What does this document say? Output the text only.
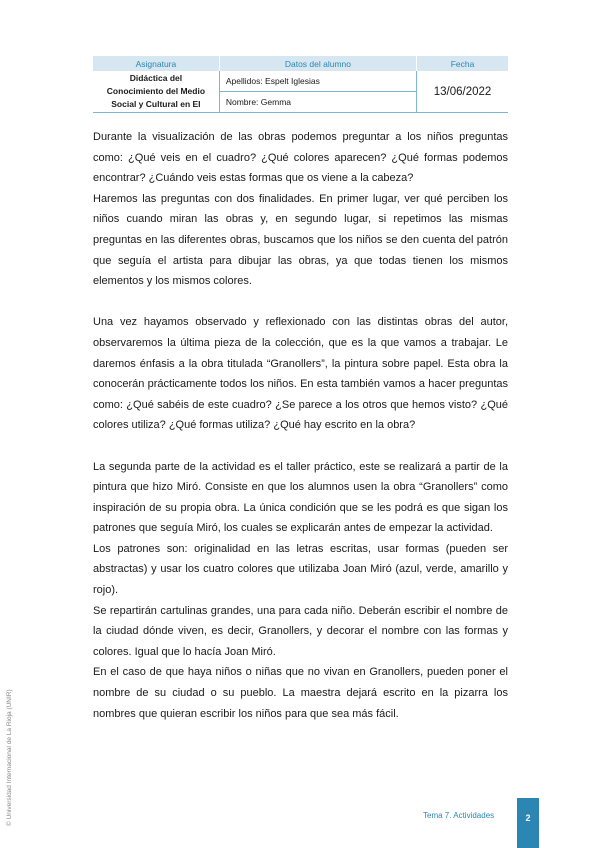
Asignatura	Datos del alumno	Fecha

Didáctica del
Conocimiento del Medio
Social y Cultural en EI	Apellidos: Espelt Iglesias	13/06/2022
	Nombre: Gemma	

Durante la visualización de las obras podemos preguntar a los niños preguntas como: ¿Qué veis en el cuadro? ¿Qué colores aparecen? ¿Qué formas podemos encontrar? ¿Cuándo veis estas formas que os viene a la cabeza?

Haremos las preguntas con dos finalidades. En primer lugar, ver qué perciben los niños cuando miran las obras y, en segundo lugar, si repetimos las mismas preguntas en las diferentes obras, buscamos que los niños se den cuenta del patrón que seguía el artista para dibujar las obras, ya que todas tienen los mismos elementos y los mismos colores.

Una vez hayamos observado y reflexionado con las distintas obras del autor, observaremos la última pieza de la colección, que es la que vamos a trabajar. Le daremos énfasis a la obra titulada “Granollers”, la pintura sobre papel. Esta obra la conocerán prácticamente todos los niños. En esta también vamos a hacer preguntas como: ¿Qué sabéis de este cuadro? ¿Se parece a los otros que hemos visto? ¿Qué colores utiliza? ¿Qué formas utiliza? ¿Qué hay escrito en la obra?

La segunda parte de la actividad es el taller práctico, este se realizará a partir de la pintura que hizo Miró. Consiste en que los alumnos usen la obra “Granollers” como inspiración de su propia obra. La única condición que se les podrá es que sigan los patrones que seguía Miró, los cuales se explicarán antes de empezar la actividad.

Los patrones son: originalidad en las letras escritas, usar formas (pueden ser abstractas) y usar los cuatro colores que utilizaba Joan Miró (azul, verde, amarillo y rojo).

Se repartirán cartulinas grandes, una para cada niño. Deberán escribir el nombre de la ciudad dónde viven, es decir, Granollers, y decorar el nombre con las formas y colores. Igual que lo hacía Joan Miró.

En el caso de que haya niños o niñas que no vivan en Granollers, pueden poner el nombre de su ciudad o su pueblo. La maestra dejará escrito en la pizarra los nombres que quieran escribir los niños para que sea más fácil.

© Universidad Internacional de La Rioja (UNIR)	Tema 7. Actividades	2
